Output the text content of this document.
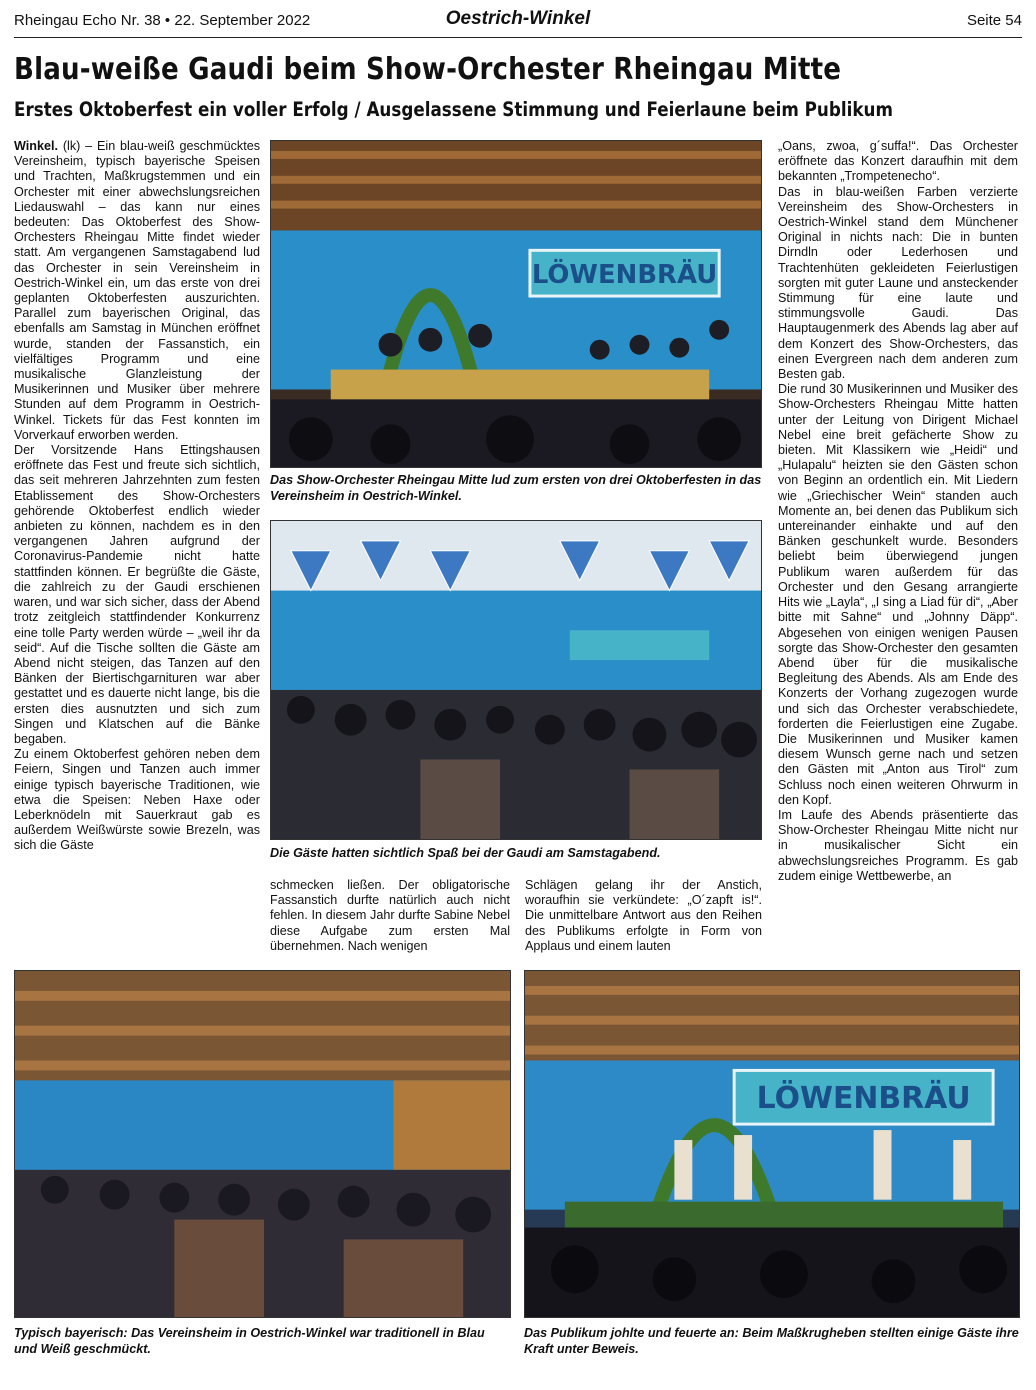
Rheingau Echo Nr. 38 • 22. September 2022	Oestrich-Winkel	Seite 54
Blau-weiße Gaudi beim Show-Orchester Rheingau Mitte
Erstes Oktoberfest ein voller Erfolg / Ausgelassene Stimmung und Feierlaune beim Publikum

Winkel. (lk) – Ein blau-weiß geschmücktes Vereinsheim, typisch bayerische Speisen und Trachten, Maßkrugstemmen und ein Orchester mit einer abwechslungsreichen Liedauswahl – das kann nur eines bedeuten: Das Oktoberfest des Show-Orchesters Rheingau Mitte findet wieder statt. Am vergangenen Samstagabend lud das Orchester in sein Vereinsheim in Oestrich-Winkel ein, um das erste von drei geplanten Oktoberfesten auszurichten. Parallel zum bayerischen Original, das ebenfalls am Samstag in München eröffnet wurde, standen der Fassanstich, ein vielfältiges Programm und eine musikalische Glanzleistung der Musikerinnen und Musiker über mehrere Stunden auf dem Programm in Oestrich-Winkel. Tickets für das Fest konnten im Vorverkauf erworben werden.

Der Vorsitzende Hans Ettingshausen eröffnete das Fest und freute sich sichtlich, das seit mehreren Jahrzehnten zum festen Etablissement des Show-Orchesters gehörende Oktoberfest endlich wieder anbieten zu können, nachdem es in den vergangenen Jahren aufgrund der Coronavirus-Pandemie nicht hatte stattfinden können. Er begrüßte die Gäste, die zahlreich zu der Gaudi erschienen waren, und war sich sicher, dass der Abend trotz zeitgleich stattfindender Konkurrenz eine tolle Party werden würde – „weil ihr da seid“. Auf die Tische sollten die Gäste am Abend nicht steigen, das Tanzen auf den Bänken der Biertischgarnituren war aber gestattet und es dauerte nicht lange, bis die ersten dies ausnutzten und sich zum Singen und Klatschen auf die Bänke begaben.

Zu einem Oktoberfest gehören neben dem Feiern, Singen und Tanzen auch immer einige typisch bayerische Traditionen, wie etwa die Speisen: Neben Haxe oder Leberknödeln mit Sauerkraut gab es außerdem Weißwürste sowie Brezeln, was sich die Gäste

schmecken ließen. Der obligatorische Fassanstich durfte natürlich auch nicht fehlen. In diesem Jahr durfte Sabine Nebel diese Aufgabe zum ersten Mal übernehmen. Nach wenigen

Schlägen gelang ihr der Anstich, woraufhin sie verkündete: „O´zapft is!“. Die unmittelbare Antwort aus den Reihen des Publikums erfolgte in Form von Applaus und einem lauten

„Oans, zwoa, g´suffa!“. Das Orchester eröffnete das Konzert daraufhin mit dem bekannten „Trompetenecho“.

Das in blau-weißen Farben verzierte Vereinsheim des Show-Orchesters in Oestrich-Winkel stand dem Münchener Original in nichts nach: Die in bunten Dirndln oder Lederhosen und Trachtenhüten gekleideten Feierlustigen sorgten mit guter Laune und ansteckender Stimmung für eine laute und stimmungsvolle Gaudi. Das Hauptaugenmerk des Abends lag aber auf dem Konzert des Show-Orchesters, das einen Evergreen nach dem anderen zum Besten gab.

Die rund 30 Musikerinnen und Musiker des Show-Orchesters Rheingau Mitte hatten unter der Leitung von Dirigent Michael Nebel eine breit gefächerte Show zu bieten. Mit Klassikern wie „Heidi“ und „Hulapalu“ heizten sie den Gästen schon von Beginn an ordentlich ein. Mit Liedern wie „Griechischer Wein“ standen auch Momente an, bei denen das Publikum sich untereinander einhakte und auf den Bänken geschunkelt wurde. Besonders beliebt beim überwiegend jungen Publikum waren außerdem für das Orchester und den Gesang arrangierte Hits wie „Layla“, „I sing a Liad für di“, „Aber bitte mit Sahne“ und „Johnny Däpp“. Abgesehen von einigen wenigen Pausen sorgte das Show-Orchester den gesamten Abend über für die musikalische Begleitung des Abends. Als am Ende des Konzerts der Vorhang zugezogen wurde und sich das Orchester verabschiedete, forderten die Feierlustigen eine Zugabe. Die Musikerinnen und Musiker kamen diesem Wunsch gerne nach und setzen den Gästen mit „Anton aus Tirol“ zum Schluss noch einen weiteren Ohrwurm in den Kopf.

Im Laufe des Abends präsentierte das Show-Orchester Rheingau Mitte nicht nur in musikalischer Sicht ein abwechslungsreiches Programm. Es gab zudem einige Wettbewerbe, an

LÖWENBRÄU
Das Show-Orchester Rheingau Mitte lud zum ersten von drei Oktoberfesten in das Vereinsheim in Oestrich-Winkel.
Die Gäste hatten sichtlich Spaß bei der Gaudi am Samstagabend.
Typisch bayerisch: Das Vereinsheim in Oestrich-Winkel war traditionell in Blau und Weiß geschmückt.
LÖWENBRÄU
Das Publikum johlte und feuerte an: Beim Maßkrugheben stellten einige Gäste ihre Kraft unter Beweis.
